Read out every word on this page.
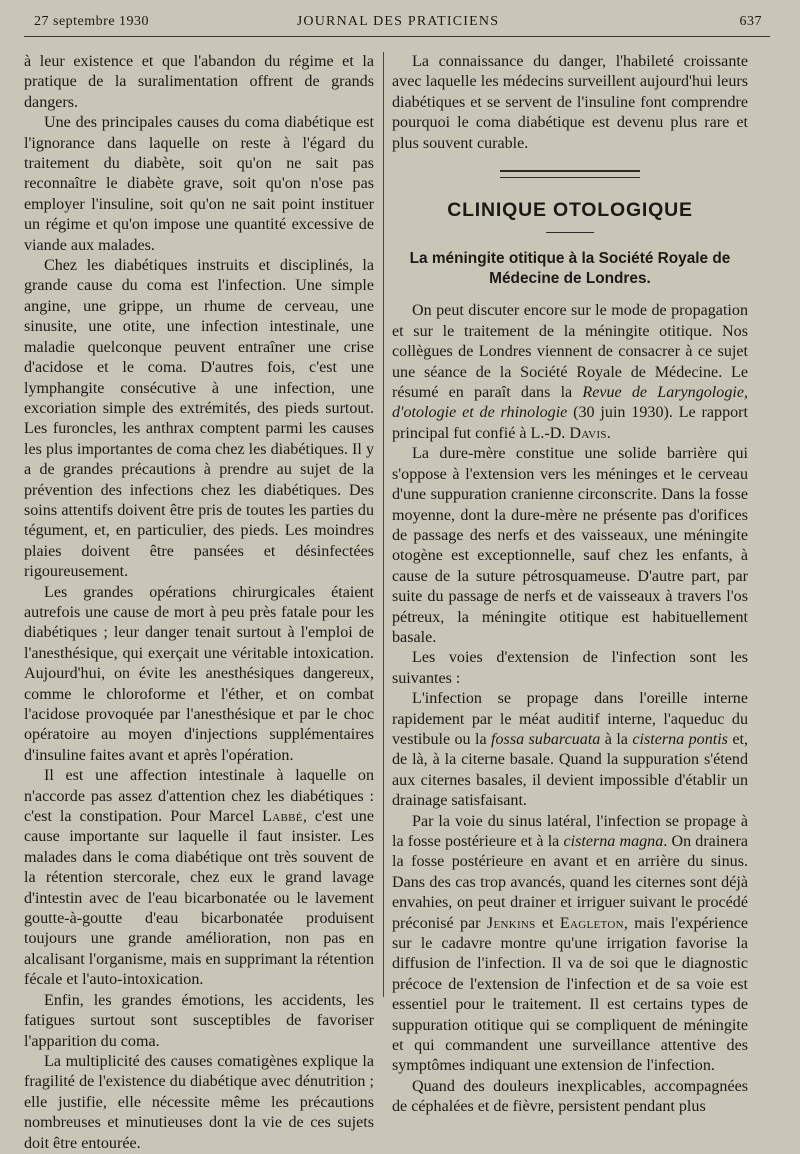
27 septembre 1930	JOURNAL DES PRATICIENS	637

à leur existence et que l'abandon du régime et la pratique de la suralimentation offrent de grands dangers.

Une des principales causes du coma diabétique est l'ignorance dans laquelle on reste à l'égard du traitement du diabète, soit qu'on ne sait pas reconnaître le diabète grave, soit qu'on n'ose pas employer l'insuline, soit qu'on ne sait point instituer un régime et qu'on impose une quantité excessive de viande aux malades.

Chez les diabétiques instruits et disciplinés, la grande cause du coma est l'infection. Une simple angine, une grippe, un rhume de cerveau, une sinusite, une otite, une infection intestinale, une maladie quelconque peuvent entraîner une crise d'acidose et le coma. D'autres fois, c'est une lymphangite consécutive à une infection, une excoriation simple des extrémités, des pieds surtout. Les furoncles, les anthrax comptent parmi les causes les plus importantes de coma chez les diabétiques. Il y a de grandes précautions à prendre au sujet de la prévention des infections chez les diabétiques. Des soins attentifs doivent être pris de toutes les parties du tégument, et, en particulier, des pieds. Les moindres plaies doivent être pansées et désinfectées rigoureusement.

Les grandes opérations chirurgicales étaient autrefois une cause de mort à peu près fatale pour les diabétiques ; leur danger tenait surtout à l'emploi de l'anesthésique, qui exerçait une véritable intoxication. Aujourd'hui, on évite les anesthésiques dangereux, comme le chloroforme et l'éther, et on combat l'acidose provoquée par l'anesthésique et par le choc opératoire au moyen d'injections supplémentaires d'insuline faites avant et après l'opération.

Il est une affection intestinale à laquelle on n'accorde pas assez d'attention chez les diabétiques : c'est la constipation. Pour Marcel Labbé, c'est une cause importante sur laquelle il faut insister. Les malades dans le coma diabétique ont très souvent de la rétention stercorale, chez eux le grand lavage d'intestin avec de l'eau bicarbonatée ou le lavement goutte-à-goutte d'eau bicarbonatée produisent toujours une grande amélioration, non pas en alcalisant l'organisme, mais en supprimant la rétention fécale et l'auto-intoxication.

Enfin, les grandes émotions, les accidents, les fatigues surtout sont susceptibles de favoriser l'apparition du coma.

La multiplicité des causes comatigènes explique la fragilité de l'existence du diabétique avec dénutrition ; elle justifie, elle nécessite même les précautions nombreuses et minutieuses dont la vie de ces sujets doit être entourée.

La connaissance du danger, l'habileté croissante avec laquelle les médecins surveillent aujourd'hui leurs diabétiques et se servent de l'insuline font comprendre pourquoi le coma diabétique est devenu plus rare et plus souvent curable.

CLINIQUE OTOLOGIQUE
La méningite otitique à la Société Royale de Médecine de Londres.

On peut discuter encore sur le mode de propagation et sur le traitement de la méningite otitique. Nos collègues de Londres viennent de consacrer à ce sujet une séance de la Société Royale de Médecine. Le résumé en paraît dans la Revue de Laryngologie, d'otologie et de rhinologie (30 juin 1930). Le rapport principal fut confié à L.-D. Davis.

La dure-mère constitue une solide barrière qui s'oppose à l'extension vers les méninges et le cerveau d'une suppuration cranienne circonscrite. Dans la fosse moyenne, dont la dure-mère ne présente pas d'orifices de passage des nerfs et des vaisseaux, une méningite otogène est exceptionnelle, sauf chez les enfants, à cause de la suture pétrosquameuse. D'autre part, par suite du passage de nerfs et de vaisseaux à travers l'os pétreux, la méningite otitique est habituellement basale.

Les voies d'extension de l'infection sont les suivantes :

L'infection se propage dans l'oreille interne rapidement par le méat auditif interne, l'aqueduc du vestibule ou la fossa subarcuata à la cisterna pontis et, de là, à la citerne basale. Quand la suppuration s'étend aux citernes basales, il devient impossible d'établir un drainage satisfaisant.

Par la voie du sinus latéral, l'infection se propage à la fosse postérieure et à la cisterna magna. On drainera la fosse postérieure en avant et en arrière du sinus. Dans des cas trop avancés, quand les citernes sont déjà envahies, on peut drainer et irriguer suivant le procédé préconisé par Jenkins et Eagleton, mais l'expérience sur le cadavre montre qu'une irrigation favorise la diffusion de l'infection. Il va de soi que le diagnostic précoce de l'extension de l'infection et de sa voie est essentiel pour le traitement. Il est certains types de suppuration otitique qui se compliquent de méningite et qui commandent une surveillance attentive des symptômes indiquant une extension de l'infection.

Quand des douleurs inexplicables, accompagnées de céphalées et de fièvre, persistent pendant plus
